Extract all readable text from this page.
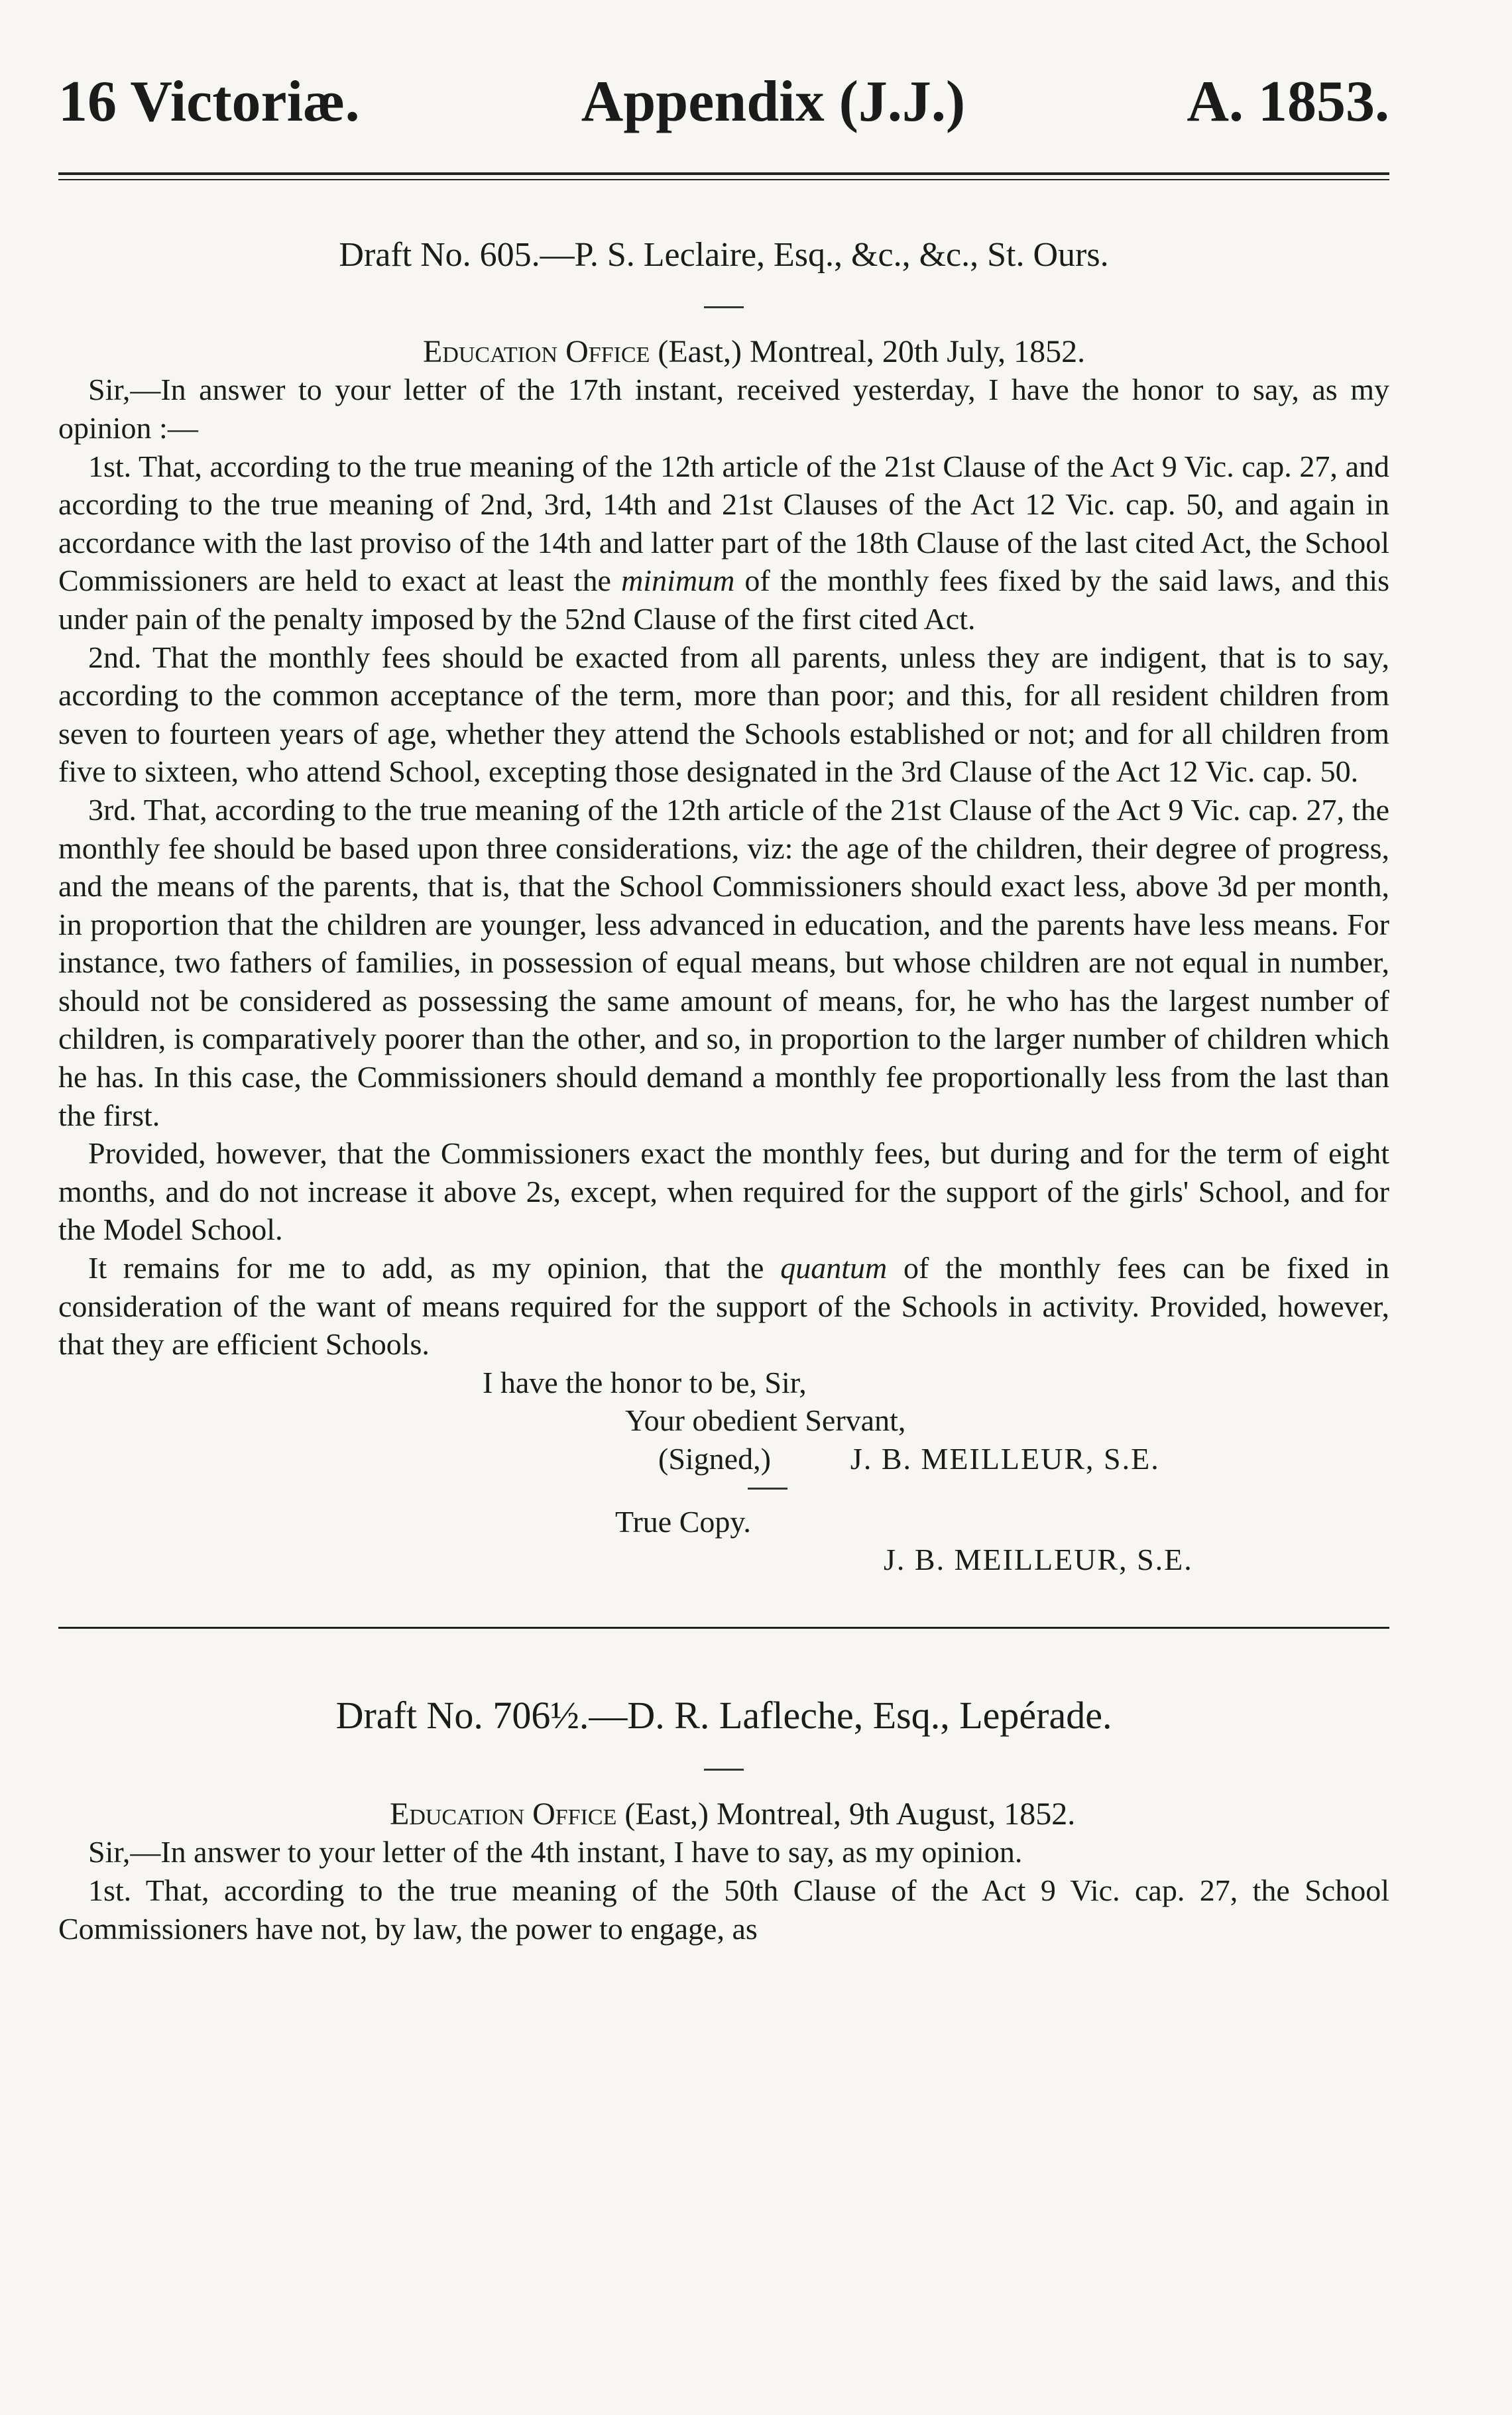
16 Victoriæ.	Appendix (J.J.)	A. 1853.
Draft No. 605.—P. S. Leclaire, Esq., &c., &c., St. Ours.
Education Office (East,) Montreal, 20th July, 1852.

Sir,—In answer to your letter of the 17th instant, received yesterday, I have the honor to say, as my opinion :—

1st. That, according to the true meaning of the 12th article of the 21st Clause of the Act 9 Vic. cap. 27, and according to the true meaning of 2nd, 3rd, 14th and 21st Clauses of the Act 12 Vic. cap. 50, and again in accordance with the last proviso of the 14th and latter part of the 18th Clause of the last cited Act, the School Commissioners are held to exact at least the minimum of the monthly fees fixed by the said laws, and this under pain of the penalty imposed by the 52nd Clause of the first cited Act.

2nd. That the monthly fees should be exacted from all parents, unless they are indigent, that is to say, according to the common acceptance of the term, more than poor; and this, for all resident children from seven to fourteen years of age, whether they attend the Schools established or not; and for all children from five to sixteen, who attend School, excepting those designated in the 3rd Clause of the Act 12 Vic. cap. 50.

3rd. That, according to the true meaning of the 12th article of the 21st Clause of the Act 9 Vic. cap. 27, the monthly fee should be based upon three considerations, viz: the age of the children, their degree of progress, and the means of the parents, that is, that the School Commissioners should exact less, above 3d per month, in proportion that the children are younger, less advanced in education, and the parents have less means. For instance, two fathers of families, in possession of equal means, but whose children are not equal in number, should not be considered as possessing the same amount of means, for, he who has the largest number of children, is comparatively poorer than the other, and so, in proportion to the larger number of children which he has. In this case, the Commissioners should demand a monthly fee proportionally less from the last than the first.

Provided, however, that the Commissioners exact the monthly fees, but during and for the term of eight months, and do not increase it above 2s, except, when required for the support of the girls' School, and for the Model School.

It remains for me to add, as my opinion, that the quantum of the monthly fees can be fixed in consideration of the want of means required for the support of the Schools in activity. Provided, however, that they are efficient Schools.

I have the honor to be, Sir,
Your obedient Servant,
(Signed,)	J. B. MEILLEUR, S.E.
True Copy.
J. B. MEILLEUR, S.E.
Draft No. 706½.—D. R. Lafleche, Esq., Lepérade.
Education Office (East,) Montreal, 9th August, 1852.

Sir,—In answer to your letter of the 4th instant, I have to say, as my opinion.

1st. That, according to the true meaning of the 50th Clause of the Act 9 Vic. cap. 27, the School Commissioners have not, by law, the power to engage, as
